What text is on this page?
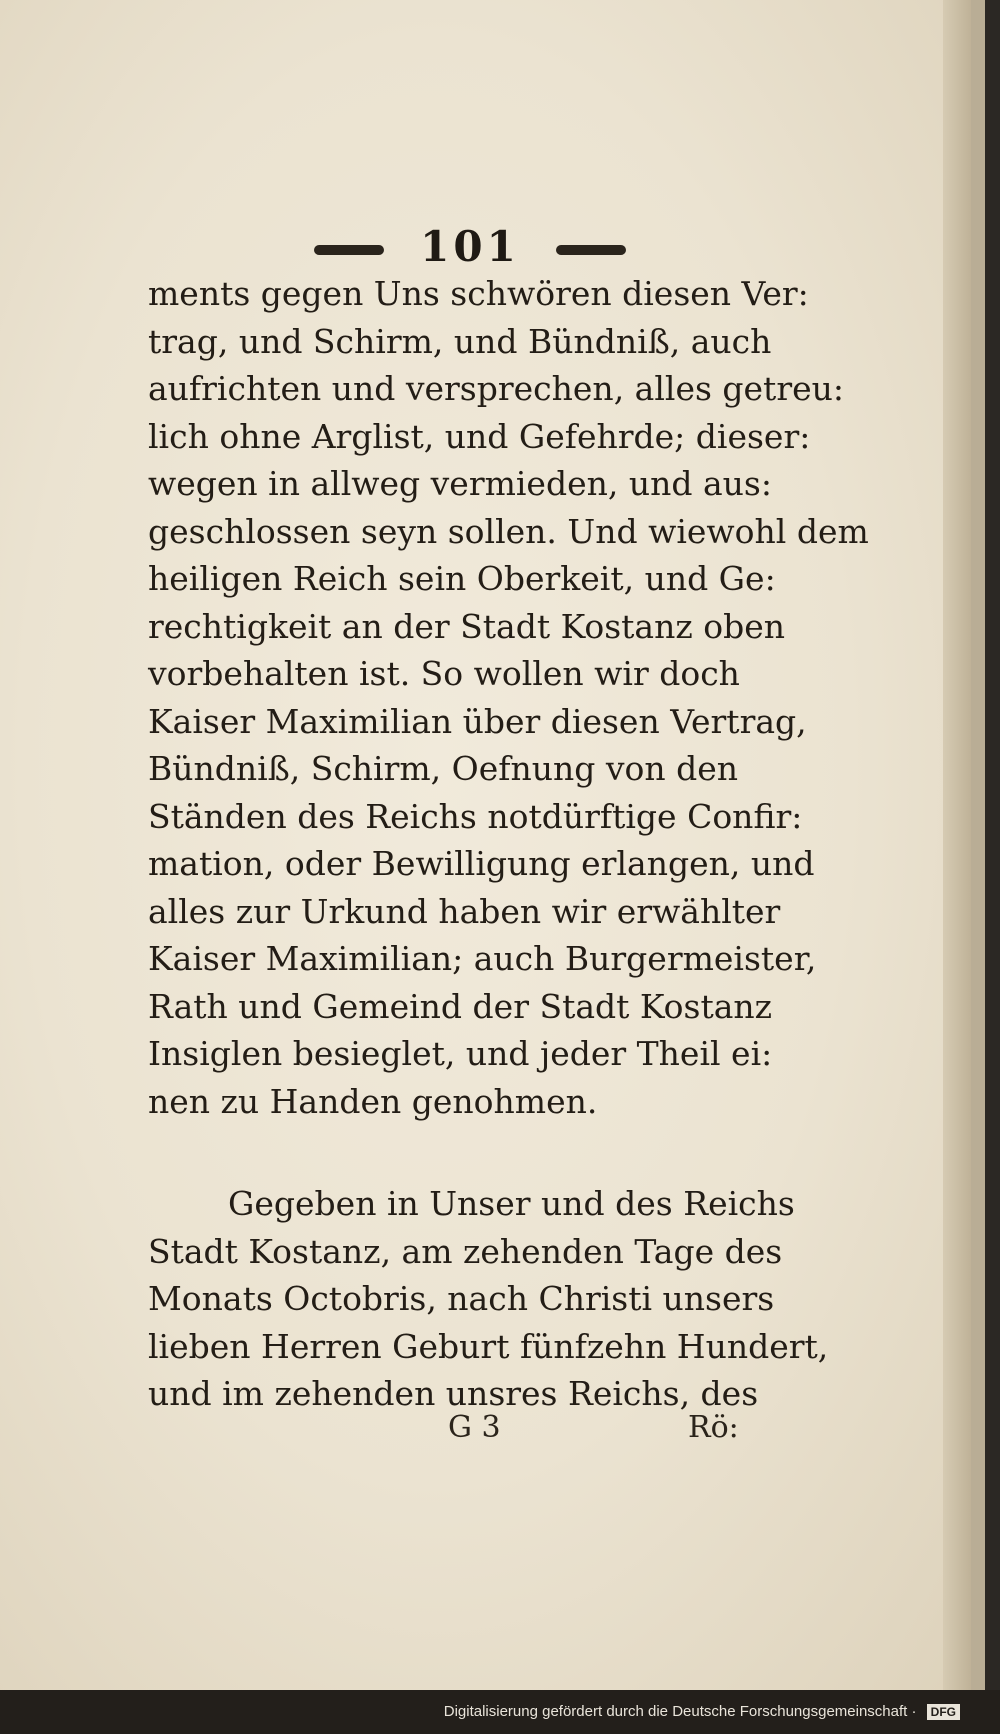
101
ments gegen Uns schwören diesen Ver:
trag, und Schirm, und Bündniß, auch
aufrichten und versprechen, alles getreu:
lich ohne Arglist, und Gefehrde; dieser:
wegen in allweg vermieden, und aus:
geschlossen seyn sollen. Und wiewohl dem
heiligen Reich sein Oberkeit, und Ge:
rechtigkeit an der Stadt Kostanz oben
vorbehalten ist. So wollen wir doch
Kaiser Maximilian über diesen Vertrag,
Bündniß, Schirm, Oefnung von den
Ständen des Reichs notdürftige Confir:
mation, oder Bewilligung erlangen, und
alles zur Urkund haben wir erwählter
Kaiser Maximilian; auch Burgermeister,
Rath und Gemeind der Stadt Kostanz
Insiglen besieglet, und jeder Theil ei:
nen zu Handen genohmen.
Gegeben in Unser und des Reichs
Stadt Kostanz, am zehenden Tage des
Monats Octobris, nach Christi unsers
lieben Herren Geburt fünfzehn Hundert,
und im zehenden unsres Reichs, des
G 3	Rö:
Digitalisierung gefördert durch die Deutsche Forschungsgemeinschaft · DFG
